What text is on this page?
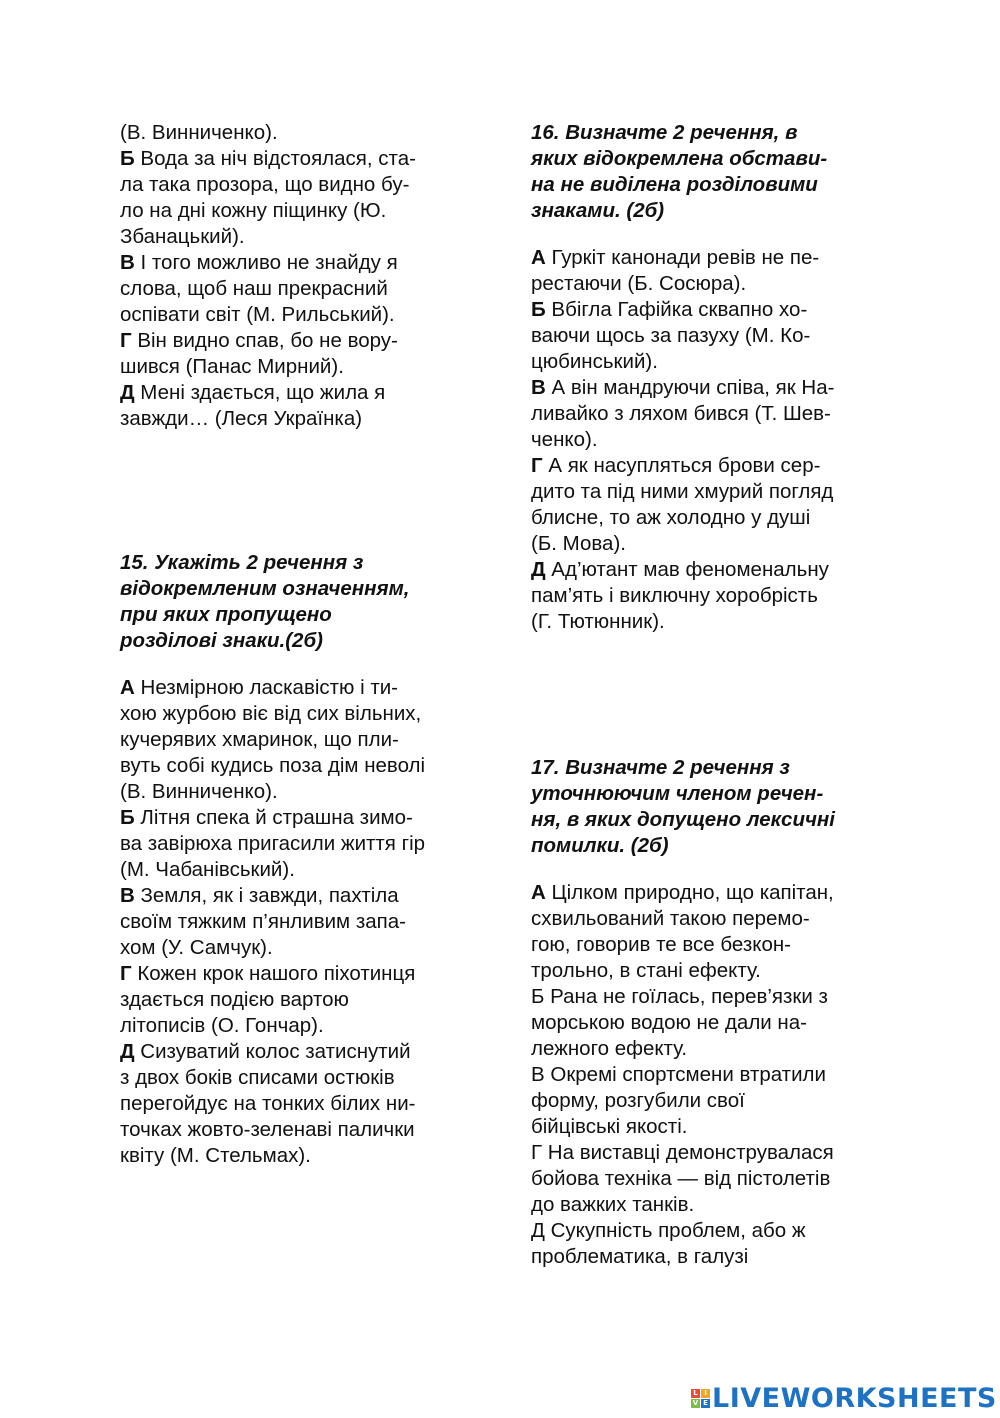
(В. Винниченко).
Б Вода за ніч відстоялася, ста-
ла така прозора, що видно бу-
ло на дні кожну піщинку (Ю.
Збанацький).
В І того можливо не знайду я
слова, щоб наш прекрасний
оспівати світ (М. Рильський).
Г Він видно спав, бо не вору-
шився (Панас Мирний).
Д Мені здається, що жила я
завжди… (Леся Українка)
15. Укажіть 2 речення з
відокремленим означенням,
при яких пропущено
розділові знаки.(2б)
А Незмірною ласкавістю і ти-
хою журбою віє від сих вільних,
кучерявих хмаринок, що пли-
вуть собі кудись поза дім неволі
(В. Винниченко).
Б Літня спека й страшна зимо-
ва завірюха пригасили життя гір
(М. Чабанівський).
В Земля, як і завжди, пахтіла
своїм тяжким п’янливим запа-
хом (У. Самчук).
Г Кожен крок нашого піхотинця
здається подією вартою
літописів (О. Гончар).
Д Сизуватий колос затиснутий
з двох боків списами остюків
перегойдує на тонких білих ни-
точках жовто-зеленаві палички
квіту (М. Стельмах).
16. Визначте 2 речення, в
яких відокремлена обстави-
на не виділена розділовими
знаками. (2б)
А Гуркіт канонади ревів не пе-
рестаючи (Б. Сосюра).
Б Вбігла Гафійка сквапно хо-
ваючи щось за пазуху (М. Ко-
цюбинський).
В А він мандруючи співа, як На-
ливайко з ляхом бився (Т. Шев-
ченко).
Г А як насупляться брови сер-
дито та під ними хмурий погляд
блисне, то аж холодно у душі
(Б. Мова).
Д Ад’ютант мав феноменальну
пам’ять і виключну хоробрість
(Г. Тютюнник).
17. Визначте 2 речення з
уточнюючим членом речен-
ня, в яких допущено лексичні
помилки. (2б)
А Цілком природно, що капітан,
схвильований такою перемо-
гою, говорив те все безкон-
трольно, в стані ефекту.
Б Рана не гоїлась, перев’язки з
морською водою не дали на-
лежного ефекту.
В Окремі спортсмени втратили
форму, розгубили свої
бійцівські якості.
Г На виставці демонструвалася
бойова техніка — від пістолетів
до важких танків.
Д Сукупність проблем, або ж
проблематика, в галузі
L I
V E LIVEWORKSHEETS
